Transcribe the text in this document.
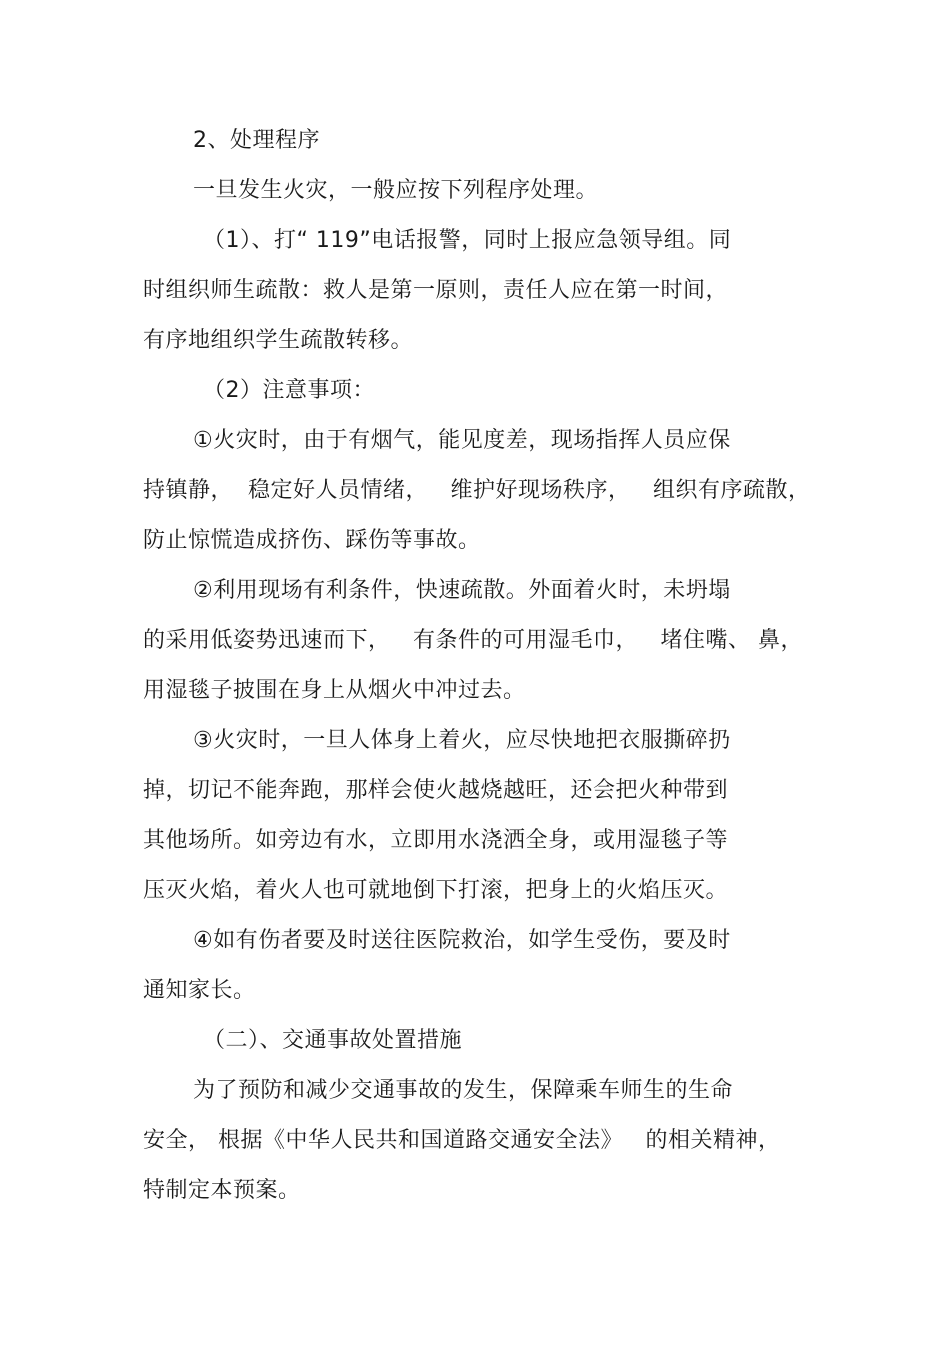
2、处理程序
一旦发生火灾，一般应按下列程序处理。
（1）、打“ 119”电话报警，同时上报应急领导组。同
时组织师生疏散：救人是第一原则，责任人应在第一时间，
有序地组织学生疏散转移。
（2）注意事项：
①火灾时，由于有烟气，能见度差，现场指挥人员应保
持镇静，  稳定好人员情绪，   维护好现场秩序，   组织有序疏散，
防止惊慌造成挤伤、踩伤等事故。
②利用现场有利条件，快速疏散。外面着火时，未坍塌
的采用低姿势迅速而下，   有条件的可用湿毛巾，   堵住嘴、 鼻，
用湿毯子披围在身上从烟火中冲过去。
③火灾时，一旦人体身上着火，应尽快地把衣服撕碎扔
掉，切记不能奔跑，那样会使火越烧越旺，还会把火种带到
其他场所。如旁边有水，立即用水浇洒全身，或用湿毯子等
压灭火焰，着火人也可就地倒下打滚，把身上的火焰压灭。
④如有伤者要及时送往医院救治，如学生受伤，要及时
通知家长。
（二）、交通事故处置措施
为了预防和减少交通事故的发生，保障乘车师生的生命
安全， 根据《中华人民共和国道路交通安全法》   的相关精神，
特制定本预案。
